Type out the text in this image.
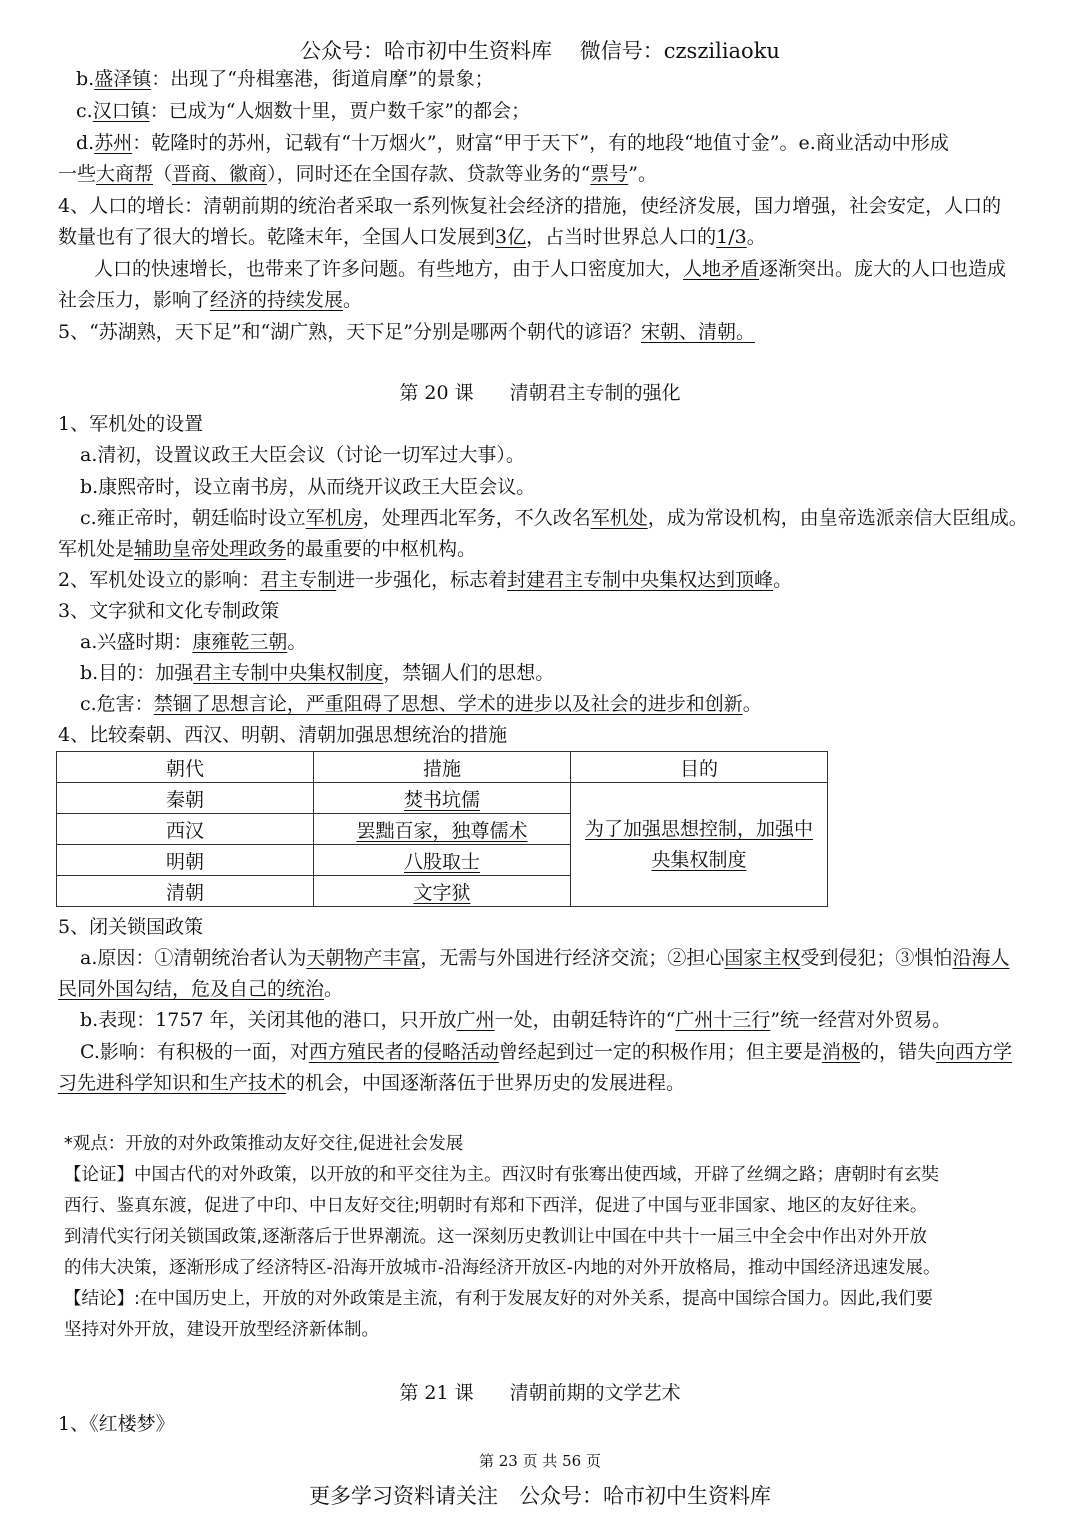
公众号：哈市初中生资料库　 微信号：czsziliaoku
b.盛泽镇：出现了“舟楫塞港，街道肩摩”的景象；
c.汉口镇：已成为“人烟数十里，贾户数千家”的都会；
d.苏州：乾隆时的苏州，记载有“十万烟火”，财富“甲于天下”，有的地段“地值寸金”。e.商业活动中形成
一些大商帮（晋商、徽商），同时还在全国存款、贷款等业务的“票号”。
4、人口的增长：清朝前期的统治者采取一系列恢复社会经济的措施，使经济发展，国力增强，社会安定，人口的
数量也有了很大的增长。乾隆末年，全国人口发展到3亿，占当时世界总人口的1/3。
人口的快速增长，也带来了许多问题。有些地方，由于人口密度加大，人地矛盾逐渐突出。庞大的人口也造成
社会压力，影响了经济的持续发展。
5、“苏湖熟，天下足”和“湖广熟，天下足”分别是哪两个朝代的谚语？宋朝、清朝。
第 20 课 清朝君主专制的强化
1、军机处的设置
a.清初，设置议政王大臣会议（讨论一切军过大事）。
b.康熙帝时，设立南书房，从而绕开议政王大臣会议。
c.雍正帝时，朝廷临时设立军机房，处理西北军务，不久改名军机处，成为常设机构，由皇帝选派亲信大臣组成。
军机处是辅助皇帝处理政务的最重要的中枢机构。
2、军机处设立的影响：君主专制进一步强化，标志着封建君主专制中央集权达到顶峰。
3、文字狱和文化专制政策
a.兴盛时期：康雍乾三朝。
b.目的：加强君主专制中央集权制度，禁锢人们的思想。
c.危害：禁锢了思想言论，严重阻碍了思想、学术的进步以及社会的进步和创新。
4、比较秦朝、西汉、明朝、清朝加强思想统治的措施
朝代	措施	目的
秦朝	焚书坑儒	为了加强思想控制，加强中
央集权制度
西汉	罢黜百家，独尊儒术	
明朝	八股取士	
清朝	文字狱	
5、闭关锁国政策
a.原因：①清朝统治者认为天朝物产丰富，无需与外国进行经济交流；②担心国家主权受到侵犯；③惧怕沿海人
民同外国勾结，危及自己的统治。
b.表现：1757 年，关闭其他的港口，只开放广州一处，由朝廷特许的“广州十三行”统一经营对外贸易。
C.影响：有积极的一面，对西方殖民者的侵略活动曾经起到过一定的积极作用；但主要是消极的，错失向西方学
习先进科学知识和生产技术的机会，中国逐渐落伍于世界历史的发展进程。
*观点：开放的对外政策推动友好交往,促进社会发展
【论证】中国古代的对外政策，以开放的和平交往为主。西汉时有张骞出使西域，开辟了丝绸之路；唐朝时有玄奘
西行、鉴真东渡，促进了中印、中日友好交往;明朝时有郑和下西洋，促进了中国与亚非国家、地区的友好往来。
到清代实行闭关锁国政策,逐渐落后于世界潮流。这一深刻历史教训让中国在中共十一届三中全会中作出对外开放
的伟大决策，逐渐形成了经济特区-沿海开放城市-沿海经济开放区-内地的对外开放格局，推动中国经济迅速发展。
【结论】:在中国历史上，开放的对外政策是主流，有利于发展友好的对外关系，提高中国综合国力。因此,我们要
坚持对外开放，建设开放型经济新体制。
第 21 课 清朝前期的文学艺术
1、《红楼梦》
第 23 页 共 56 页
更多学习资料请关注　公众号：哈市初中生资料库
